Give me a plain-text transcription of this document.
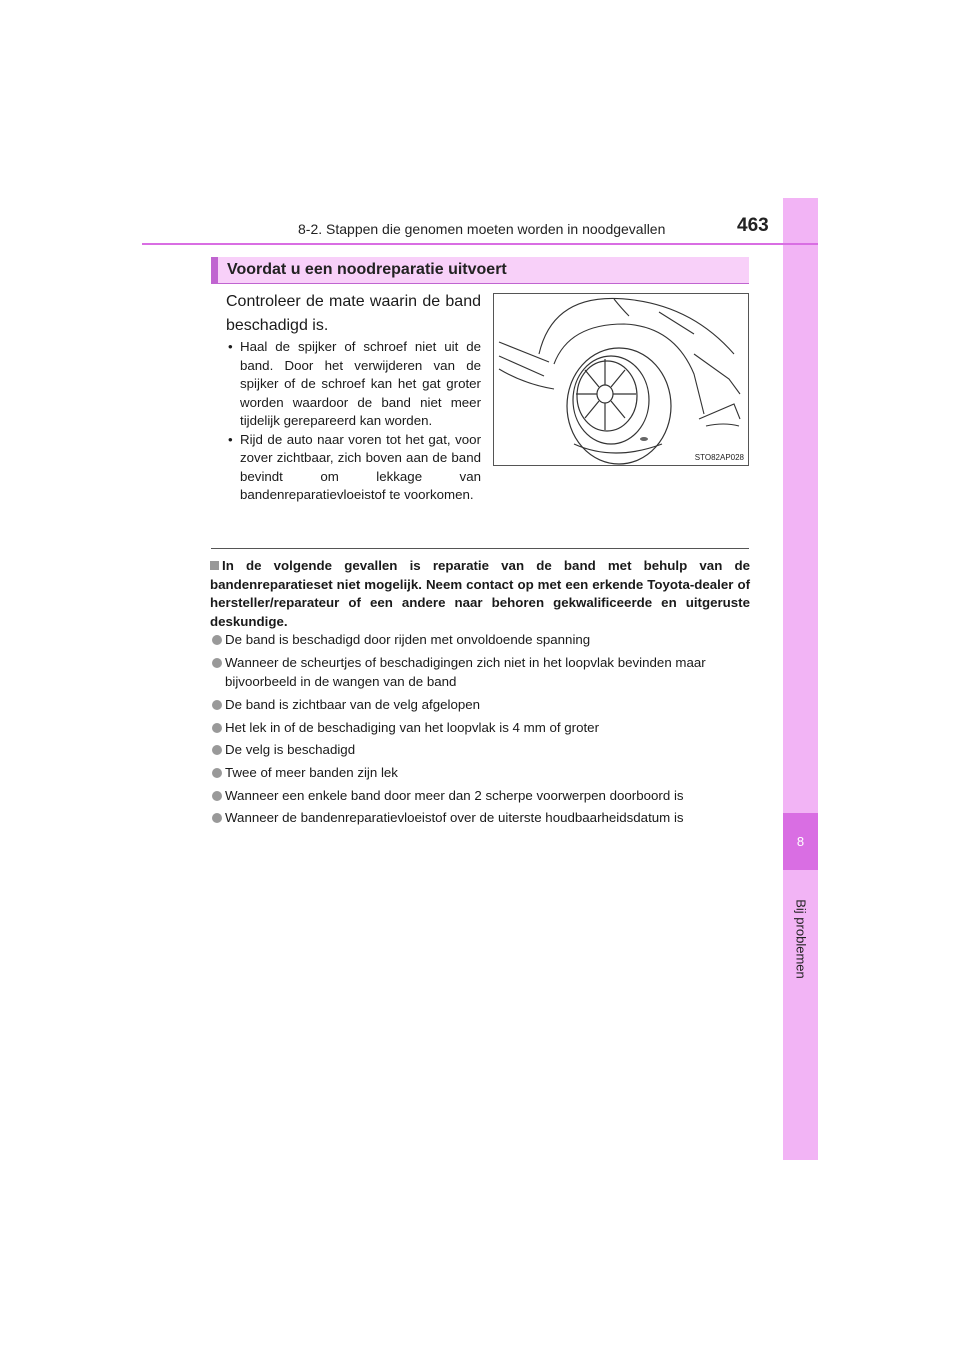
8
Bij problemen
8-2. Stappen die genomen moeten worden in noodgevallen	463
Voordat u een noodreparatie uitvoert
Controleer de mate waarin de band beschadigd is.
• Haal de spijker of schroef niet uit de band. Door het verwijderen van de spijker of de schroef kan het gat groter worden waardoor de band niet meer tijdelijk gerepareerd kan worden.
• Rijd de auto naar voren tot het gat, voor zover zichtbaar, zich boven aan de band bevindt om lekkage van bandenreparatievloeistof te voorkomen.
STO82AP028
In de volgende gevallen is reparatie van de band met behulp van de bandenreparatieset niet mogelijk. Neem contact op met een erkende Toyota-dealer of hersteller/reparateur of een andere naar behoren gekwalificeerde en uitgeruste deskundige.
De band is beschadigd door rijden met onvoldoende spanning
Wanneer de scheurtjes of beschadigingen zich niet in het loopvlak bevinden maar bijvoorbeeld in de wangen van de band
De band is zichtbaar van de velg afgelopen
Het lek in of de beschadiging van het loopvlak is 4 mm of groter
De velg is beschadigd
Twee of meer banden zijn lek
Wanneer een enkele band door meer dan 2 scherpe voorwerpen doorboord is
Wanneer de bandenreparatievloeistof over de uiterste houdbaarheidsdatum is
